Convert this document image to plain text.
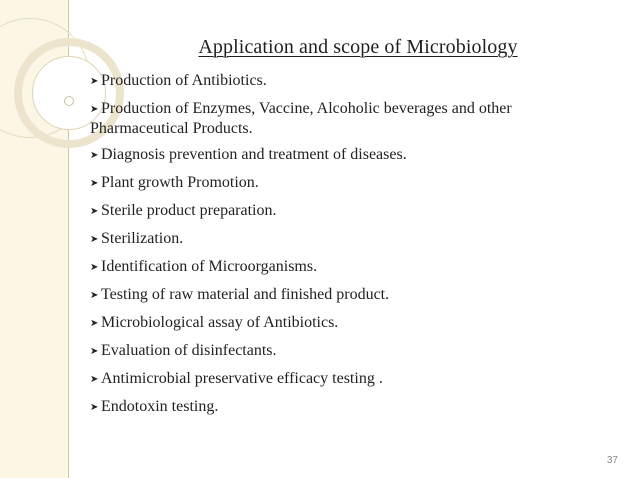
Application and scope of Microbiology
➤ Production of Antibiotics.
➤ Production of Enzymes, Vaccine, Alcoholic beverages and other Pharmaceutical Products.
➤ Diagnosis prevention and treatment of diseases.
➤ Plant growth Promotion.
➤ Sterile product preparation.
➤ Sterilization.
➤ Identification of Microorganisms.
➤ Testing of raw material and finished product.
➤ Microbiological assay of Antibiotics.
➤ Evaluation of disinfectants.
➤ Antimicrobial preservative efficacy testing .
➤ Endotoxin testing.
37
